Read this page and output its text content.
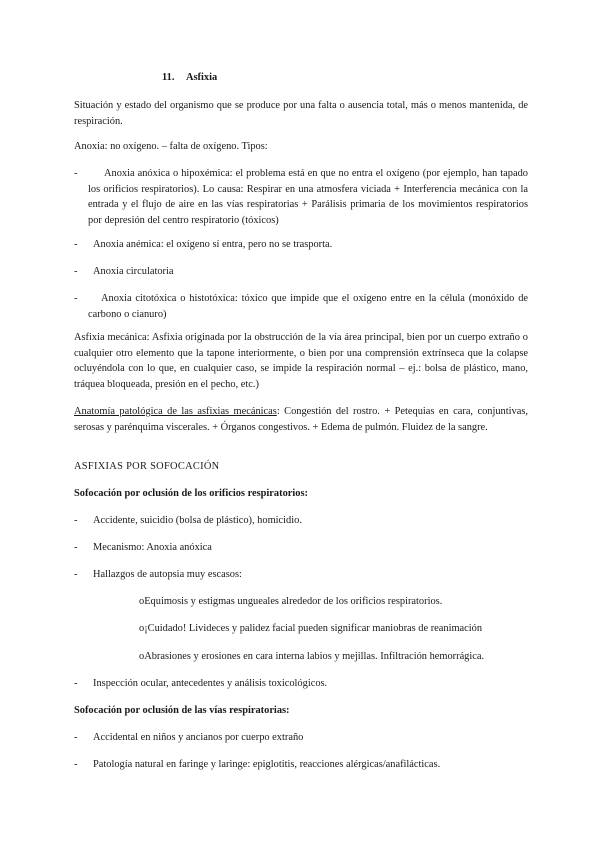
11. Asfixia

Situación y estado del organismo que se produce por una falta o ausencia total, más o menos mantenida, de respiración.

Anoxia: no oxígeno. – falta de oxígeno. Tipos:

-	Anoxia anóxica o hipoxémica: el problema está en que no entra el oxígeno (por ejemplo, han tapado los orificios respiratorios). Lo causa: Respirar en una atmosfera viciada + Interferencia mecánica con la entrada y el flujo de aire en las vías respiratorias + Parálisis primaria de los movimientos respiratorios por depresión del centro respiratorio (tóxicos)

- Anoxia anémica: el oxígeno sí entra, pero no se trasporta.

- Anoxia circulatoria

-	Anoxia citotóxica o histotóxica: tóxico que impide que el oxígeno entre en la célula (monóxido de carbono o cianuro)

Asfixia mecánica: Asfixia originada por la obstrucción de la vía área principal, bien por un cuerpo extraño o cualquier otro elemento que la tapone interiormente, o bien por una comprensión extrínseca que la colapse ocluyéndola con lo que, en cualquier caso, se impide la respiración normal – ej.: bolsa de plástico, mano, tráquea bloqueada, presión en el pecho, etc.)

Anatomía patológica de las asfixias mecánicas: Congestión del rostro. + Petequias en cara, conjuntivas, serosas y parénquima viscerales. + Órganos congestivos. + Edema de pulmón. Fluidez de la sangre.

ASFIXIAS POR SOFOCACIÓN

Sofocación por oclusión de los orificios respiratorios:

- Accidente, suicidio (bolsa de plástico), homicidio.

- Mecanismo: Anoxia anóxica

- Hallazgos de autopsia muy escasos:

oEquimosis y estigmas ungueales alrededor de los orificios respiratorios.
o¡Cuidado! Livideces y palidez facial pueden significar maniobras de reanimación
oAbrasiones y erosiones en cara interna labios y mejillas. Infiltración hemorrágica.
- Inspección ocular, antecedentes y análisis toxicológicos.

Sofocación por oclusión de las vías respiratorias:

- Accidental en niños y ancianos por cuerpo extraño

- Patología natural en faringe y laringe: epiglotitis, reacciones alérgicas/anafilácticas.
